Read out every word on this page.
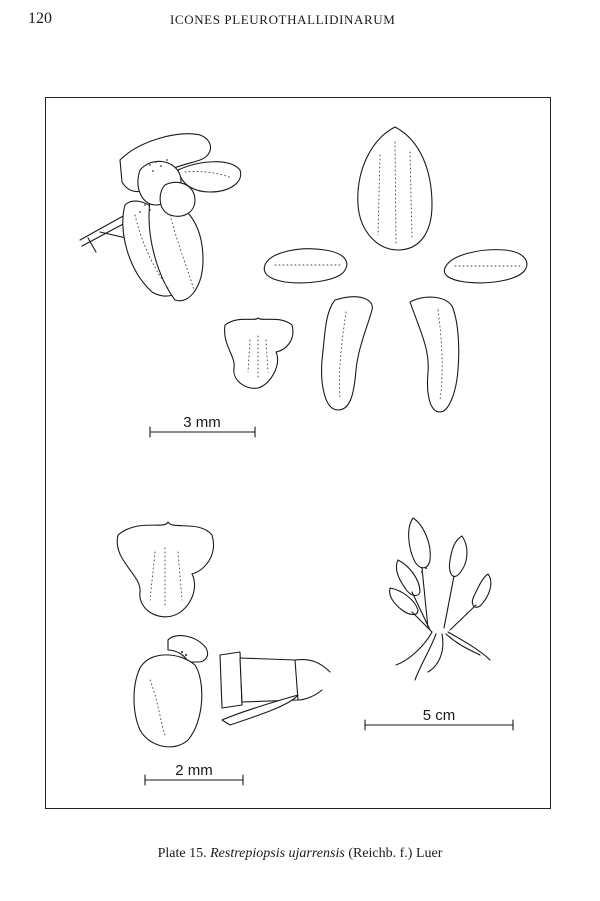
120	ICONES PLEUROTHALLIDINARUM
3 mm
2 mm
5 cm
Plate 15. Restrepiopsis ujarrensis (Reichb. f.) Luer
